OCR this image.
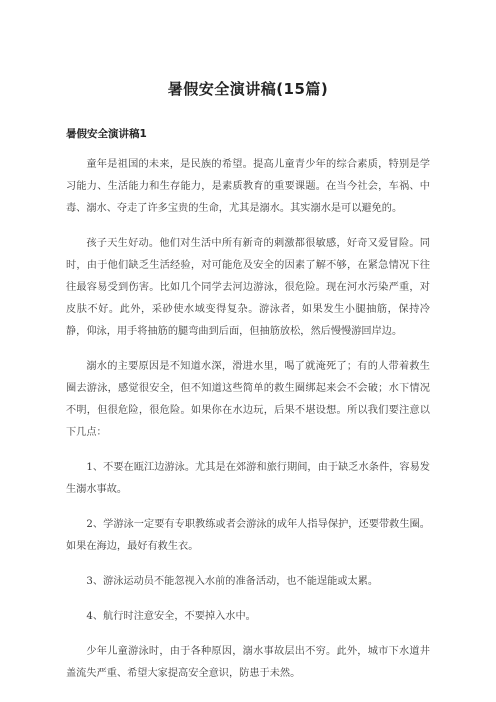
暑假安全演讲稿(15篇)
暑假安全演讲稿1

童年是祖国的未来，是民族的希望。提高儿童青少年的综合素质，特别是学习能力、生活能力和生存能力，是素质教育的重要课题。在当今社会，车祸、中毒、溺水、夺走了许多宝贵的生命，尤其是溺水。其实溺水是可以避免的。

孩子天生好动。他们对生活中所有新奇的刺激都很敏感，好奇又爱冒险。同时，由于他们缺乏生活经验，对可能危及安全的因素了解不够，在紧急情况下往往最容易受到伤害。比如几个同学去河边游泳，很危险。现在河水污染严重，对皮肤不好。此外，采砂使水域变得复杂。游泳者，如果发生小腿抽筋，保持冷静，仰泳，用手将抽筋的腿弯曲到后面，但抽筋放松，然后慢慢游回岸边。

溺水的主要原因是不知道水深，滑进水里，喝了就淹死了；有的人带着救生圈去游泳，感觉很安全，但不知道这些简单的救生圈绑起来会不会破；水下情况不明，但很危险，很危险。如果你在水边玩，后果不堪设想。所以我们要注意以下几点：

1、不要在瓯江边游泳。尤其是在郊游和旅行期间，由于缺乏水条件，容易发生溺水事故。

2、学游泳一定要有专职教练或者会游泳的成年人指导保护，还要带救生圈。如果在海边，最好有救生衣。

3、游泳运动员不能忽视入水前的准备活动，也不能逞能或太累。

4、航行时注意安全，不要掉入水中。

少年儿童游泳时，由于各种原因，溺水事故层出不穷。此外，城市下水道井盖流失严重、希望大家提高安全意识，防患于未然。
